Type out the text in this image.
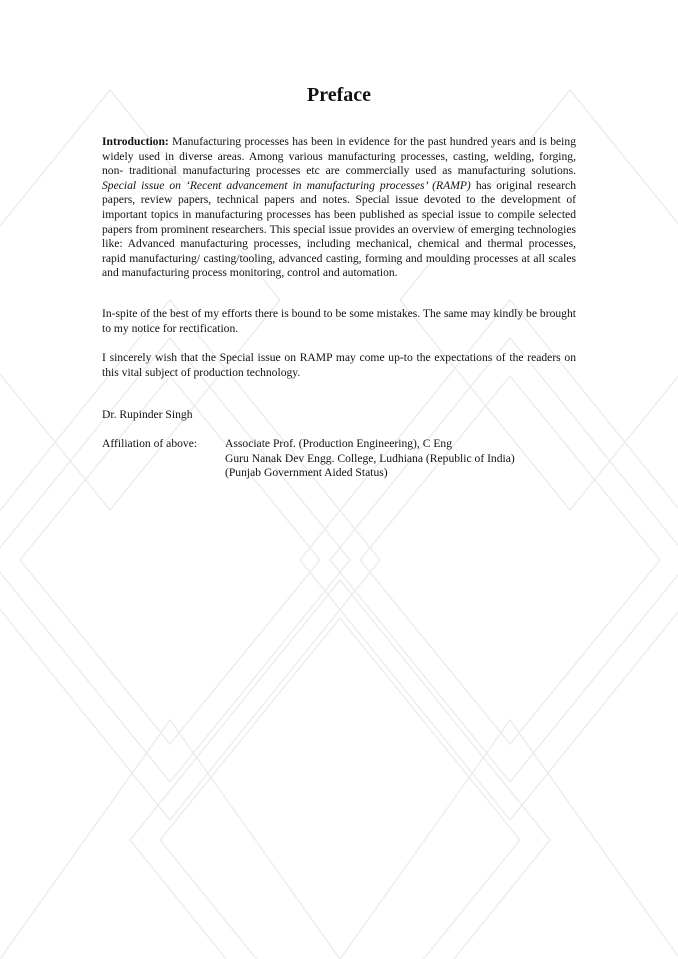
Preface

Introduction: Manufacturing processes has been in evidence for the past hundred years and is being widely used in diverse areas. Among various manufacturing processes, casting, welding, forging, non- traditional manufacturing processes etc are commercially used as manufacturing solutions. Special issue on ‘Recent advancement in manufacturing processes’ (RAMP) has original research papers, review papers, technical papers and notes. Special issue devoted to the development of important topics in manufacturing processes has been published as special issue to compile selected papers from prominent researchers. This special issue provides an overview of emerging technologies like: Advanced manufacturing processes, including mechanical, chemical and thermal processes, rapid manufacturing/ casting/tooling, advanced casting, forming and moulding processes at all scales and manufacturing process monitoring, control and automation.

In-spite of the best of my efforts there is bound to be some mistakes. The same may kindly be brought to my notice for rectification.

I sincerely wish that the Special issue on RAMP may come up-to the expectations of the readers on this vital subject of production technology.

Dr. Rupinder Singh
Affiliation of above: Associate Prof. (Production Engineering), C Eng
Guru Nanak Dev Engg. College, Ludhiana (Republic of India)
(Punjab Government Aided Status)
